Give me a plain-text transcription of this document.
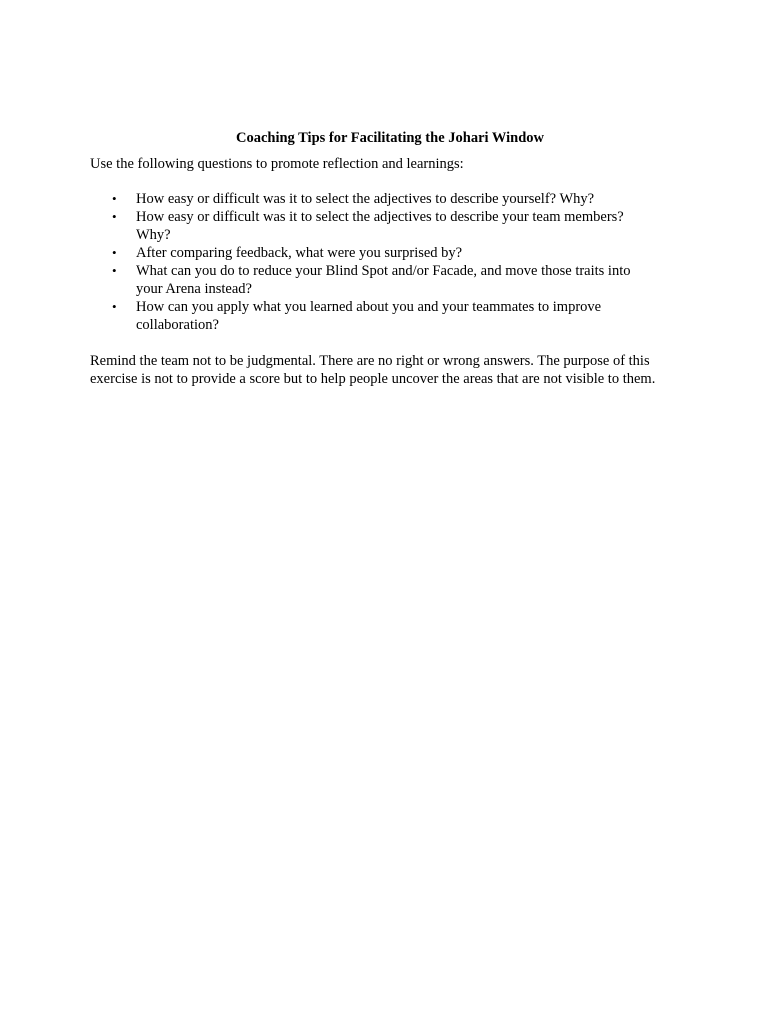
Coaching Tips for Facilitating the Johari Window

Use the following questions to promote reflection and learnings:

• How easy or difficult was it to select the adjectives to describe yourself? Why?
• How easy or difficult was it to select the adjectives to describe your team members? Why?
• After comparing feedback, what were you surprised by?
• What can you do to reduce your Blind Spot and/or Facade, and move those traits into your Arena instead?
• How can you apply what you learned about you and your teammates to improve collaboration?

Remind the team not to be judgmental. There are no right or wrong answers. The purpose of this exercise is not to provide a score but to help people uncover the areas that are not visible to them.
